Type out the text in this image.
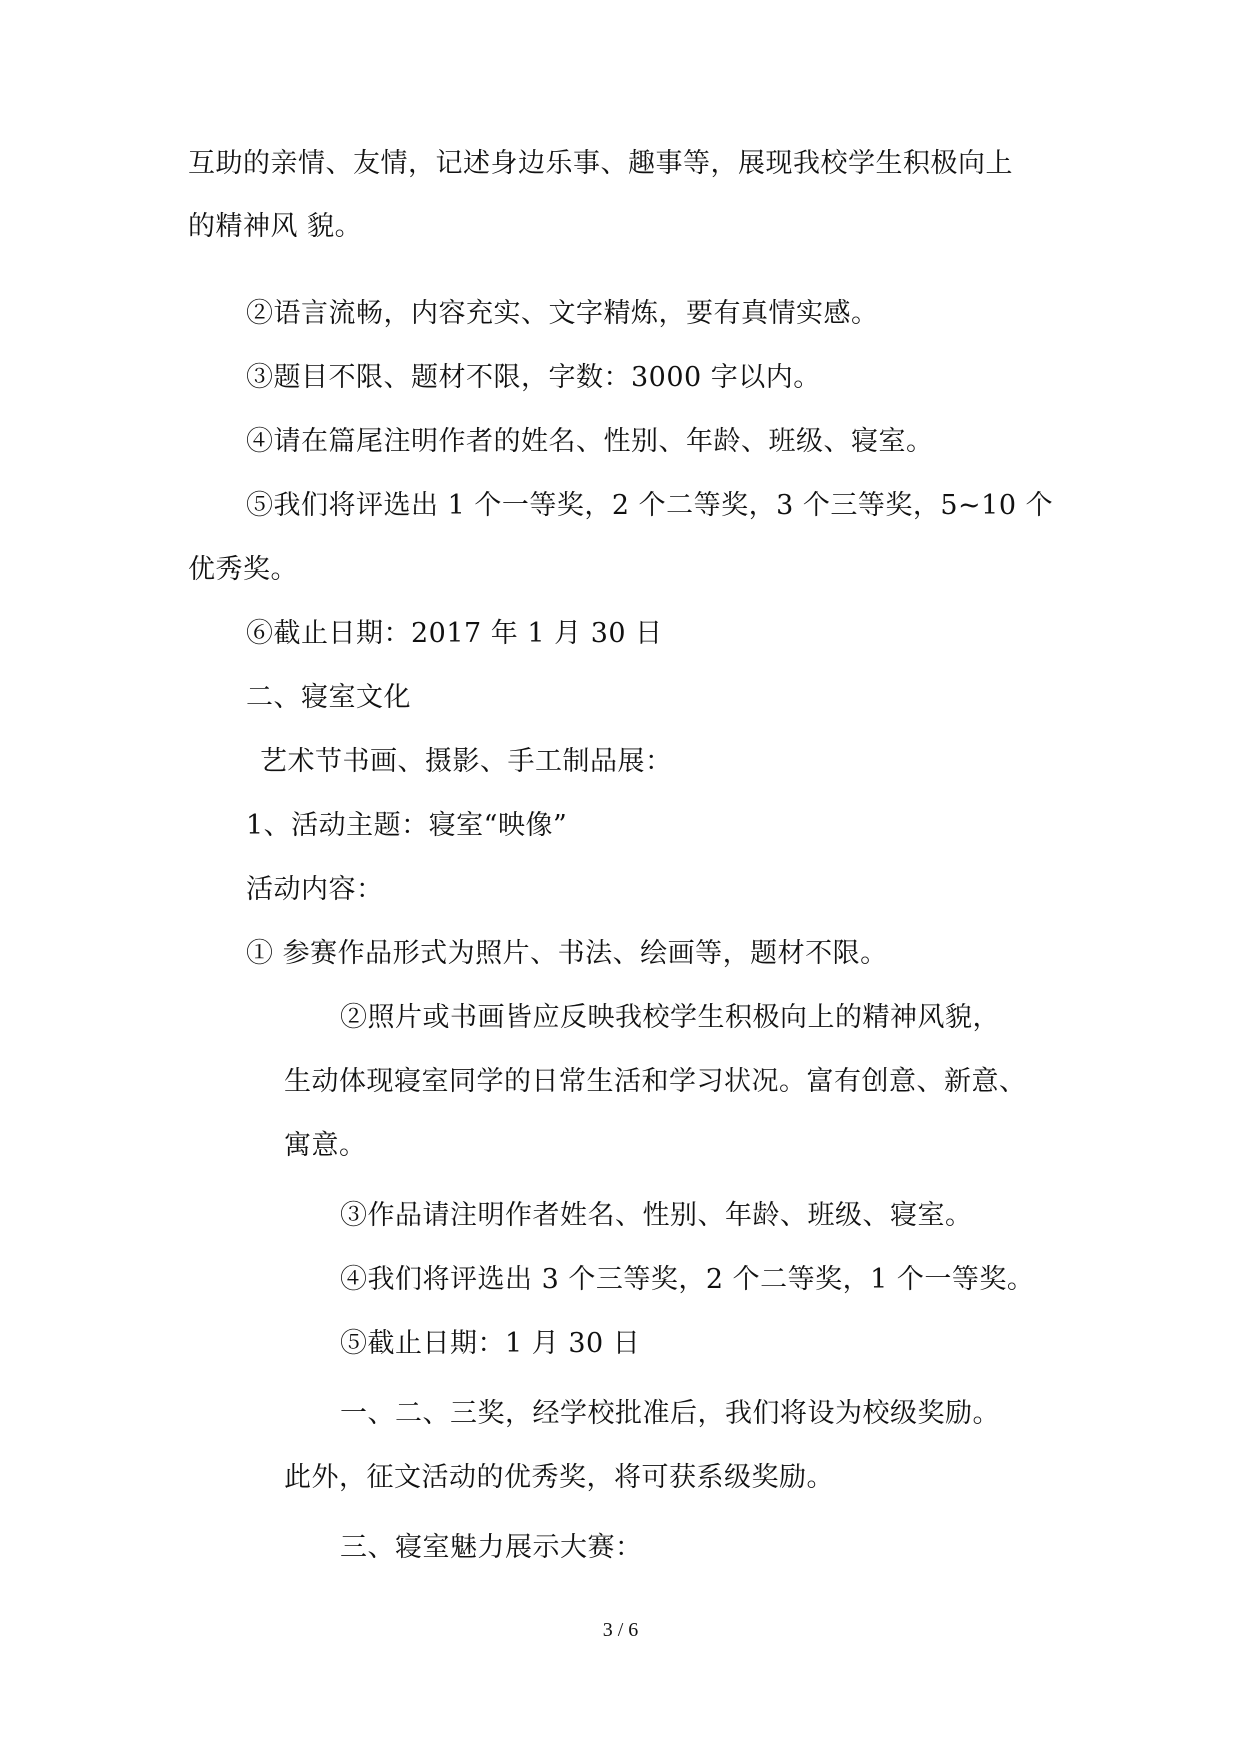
互助的亲情、友情，记述身边乐事、趣事等，展现我校学生积极向上
的精神风 貌。
②语言流畅，内容充实、文字精炼，要有真情实感。
③题目不限、题材不限，字数：3000 字以内。
④请在篇尾注明作者的姓名、性别、年龄、班级、寝室。
⑤我们将评选出 1 个一等奖，2 个二等奖，3 个三等奖，5~10 个
优秀奖。
⑥截止日期：2017 年 1 月 30 日
二、寝室文化
艺术节书画、摄影、手工制品展：
1、活动主题：寝室“映像”
活动内容：
① 参赛作品形式为照片、书法、绘画等，题材不限。
②照片或书画皆应反映我校学生积极向上的精神风貌，
生动体现寝室同学的日常生活和学习状况。富有创意、新意、
寓意。
③作品请注明作者姓名、性别、年龄、班级、寝室。
④我们将评选出 3 个三等奖，2 个二等奖，1 个一等奖。
⑤截止日期：1 月 30 日
一、二、三奖，经学校批准后，我们将设为校级奖励。
此外，征文活动的优秀奖，将可获系级奖励。
三、寝室魅力展示大赛：
3 / 6
